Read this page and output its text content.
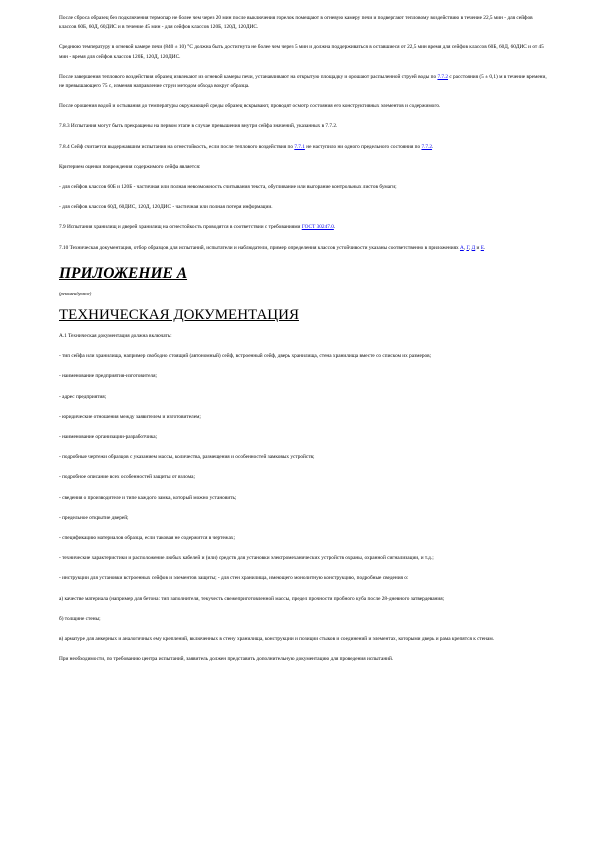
После сброса образец без подключения термопар не более чем через 20 мин после выключения горелок помещают в огневую камеру печи и подвергают тепловому воздействию в течение 22,5 мин - для сейфов классов 60Б, 60Д, 60ДИС и в течение 45 мин - для сейфов классов 120Б, 120Д, 120ДИС.

Среднюю температуру в огневой камере печи (840 ± 10) °С должна быть достигнута не более чем через 5 мин и должна поддерживаться в оставшиеся от 22,5 мин время для сейфов классов 60Б, 60Д, 60ДИС и от 45 мин - время для сейфов классов 120Б, 120Д, 120ДИС.

После завершения теплового воздействия образец извлекают из огневой камеры печи, устанавливают на открытую площадку и орошают распыленной струей воды по 7.7.2 с расстояния (5 ± 0,1) м в течение времени, не превышающего 75 с, изменяя направление струи методом обхода вокруг образца.

После орошения водой и остывания до температуры окружающей среды образец вскрывают, проводят осмотр состояния его конструктивных элементов и содержимого.

7.8.3 Испытания могут быть прекращены на первом этапе в случае превышения внутри сейфа значений, указанных в 7.7.2.

7.8.4 Сейф считается выдержавшим испытания на огнестойкость, если после теплового воздействия по 7.7.1 не наступило ни одного предельного состояния по 7.7.2.

Критерием оценки повреждения содержимого сейфа является:

- для сейфов классов 60Б и 120Б - частичная или полная невозможность считывания текста, обугливание или выгорание контрольных листов бумаги;

- для сейфов классов 60Д, 60ДИС, 120Д, 120ДИС - частичная или полная потеря информации.

7.9 Испытания хранилищ и дверей хранилищ на огнестойкость проводятся в соответствии с требованиями ГОСТ 30247.0.

7.10 Техническая документация, отбор образцов для испытаний, испытатели и наблюдатели, пример определения классов устойчивости указаны соответственно в приложениях А, Г, Д и Е.

ПРИЛОЖЕНИЕ А

(рекомендуемое)

ТЕХНИЧЕСКАЯ ДОКУМЕНТАЦИЯ

А.1 Техническая документация должна включать:

- тип сейфа или хранилища, например свободно стоящий (автономный) сейф, встроенный сейф, дверь хранилища, стена хранилища вместе со списком их размеров;

- наименование предприятия-изготовителя;

- адрес предприятия;

- юридические отношения между заявителем и изготовителем;

- наименование организации-разработчика;

- подробные чертежи образцов с указанием массы, количества, размещения и особенностей замковых устройств;

- подробное описание всех особенностей защиты от взлома;

- сведения о производителе и типе каждого замка, который можно установить;

- предельное открытие дверей;

- спецификацию материалов образца, если таковая не содержится в чертежах;

- технические характеристики и расположение любых кабелей и (или) средств для установки электромеханических устройств охраны, охранной сигнализации, и т.д.;

- инструкции для установки встроенных сейфов и элементов защиты; - для стен хранилища, имеющего монолитную конструкцию, подробные сведения о:

а) качестве материала (например для бетона: тип заполнителя, текучесть свежеприготовленной массы, предел прочности пробного куба после 28-дневного затвердевания;

б) толщине стены;

в) арматуре для анкерных и аналогичных ему креплений, включенных в стену хранилища, конструкции и позиции стыков и соединений и элементах, которыми дверь и рама крепятся к стенам.

При необходимости, по требованию центра испытаний, заявитель должен представить дополнительную документацию для проведения испытаний.
